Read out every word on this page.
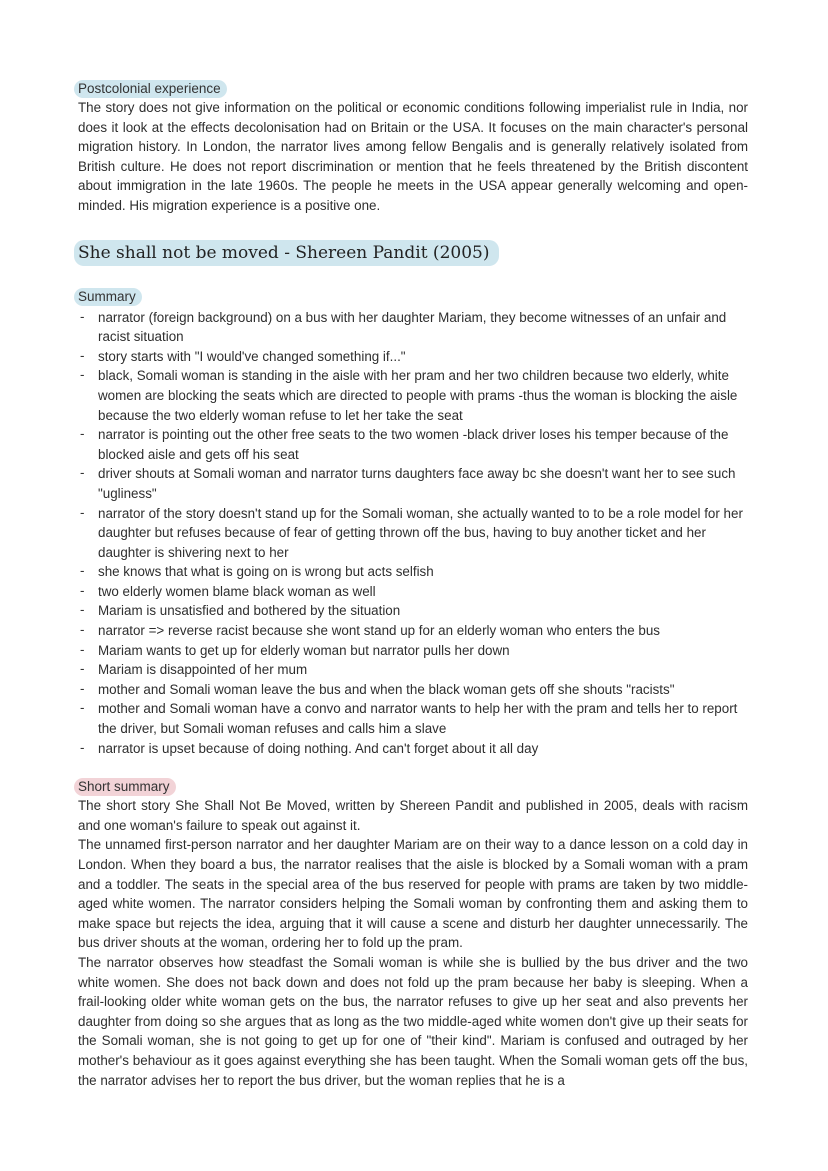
Postcolonial experience

The story does not give information on the political or economic conditions following imperialist rule in India, nor does it look at the effects decolonisation had on Britain or the USA. It focuses on the main character's personal migration history. In London, the narrator lives among fellow Bengalis and is generally relatively isolated from British culture. He does not report discrimination or mention that he feels threatened by the British discontent about immigration in the late 1960s. The people he meets in the USA appear generally welcoming and open-minded. His migration experience is a positive one.

She shall not be moved - Shereen Pandit (2005)
Summary
- narrator (foreign background) on a bus with her daughter Mariam, they become witnesses of an unfair and racist situation
- story starts with "I would've changed something if..."
- black, Somali woman is standing in the aisle with her pram and her two children because two elderly, white women are blocking the seats which are directed to people with prams -thus the woman is blocking the aisle because the two elderly woman refuse to let her take the seat
- narrator is pointing out the other free seats to the two women -black driver loses his temper because of the blocked aisle and gets off his seat
- driver shouts at Somali woman and narrator turns daughters face away bc she doesn't want her to see such "ugliness"
- narrator of the story doesn't stand up for the Somali woman, she actually wanted to to be a role model for her daughter but refuses because of fear of getting thrown off the bus, having to buy another ticket and her daughter is shivering next to her
- she knows that what is going on is wrong but acts selfish
- two elderly women blame black woman as well
- Mariam is unsatisfied and bothered by the situation
- narrator => reverse racist because she wont stand up for an elderly woman who enters the bus
- Mariam wants to get up for elderly woman but narrator pulls her down
- Mariam is disappointed of her mum
- mother and Somali woman leave the bus and when the black woman gets off she shouts "racists"
- mother and Somali woman have a convo and narrator wants to help her with the pram and tells her to report the driver, but Somali woman refuses and calls him a slave
- narrator is upset because of doing nothing. And can't forget about it all day
Short summary

The short story She Shall Not Be Moved, written by Shereen Pandit and published in 2005, deals with racism and one woman's failure to speak out against it.

The unnamed first-person narrator and her daughter Mariam are on their way to a dance lesson on a cold day in London. When they board a bus, the narrator realises that the aisle is blocked by a Somali woman with a pram and a toddler. The seats in the special area of the bus reserved for people with prams are taken by two middle-aged white women. The narrator considers helping the Somali woman by confronting them and asking them to make space but rejects the idea, arguing that it will cause a scene and disturb her daughter unnecessarily. The bus driver shouts at the woman, ordering her to fold up the pram.

The narrator observes how steadfast the Somali woman is while she is bullied by the bus driver and the two white women. She does not back down and does not fold up the pram because her baby is sleeping. When a frail-looking older white woman gets on the bus, the narrator refuses to give up her seat and also prevents her daughter from doing so she argues that as long as the two middle-aged white women don't give up their seats for the Somali woman, she is not going to get up for one of "their kind". Mariam is confused and outraged by her mother's behaviour as it goes against everything she has been taught. When the Somali woman gets off the bus, the narrator advises her to report the bus driver, but the woman replies that he is a
